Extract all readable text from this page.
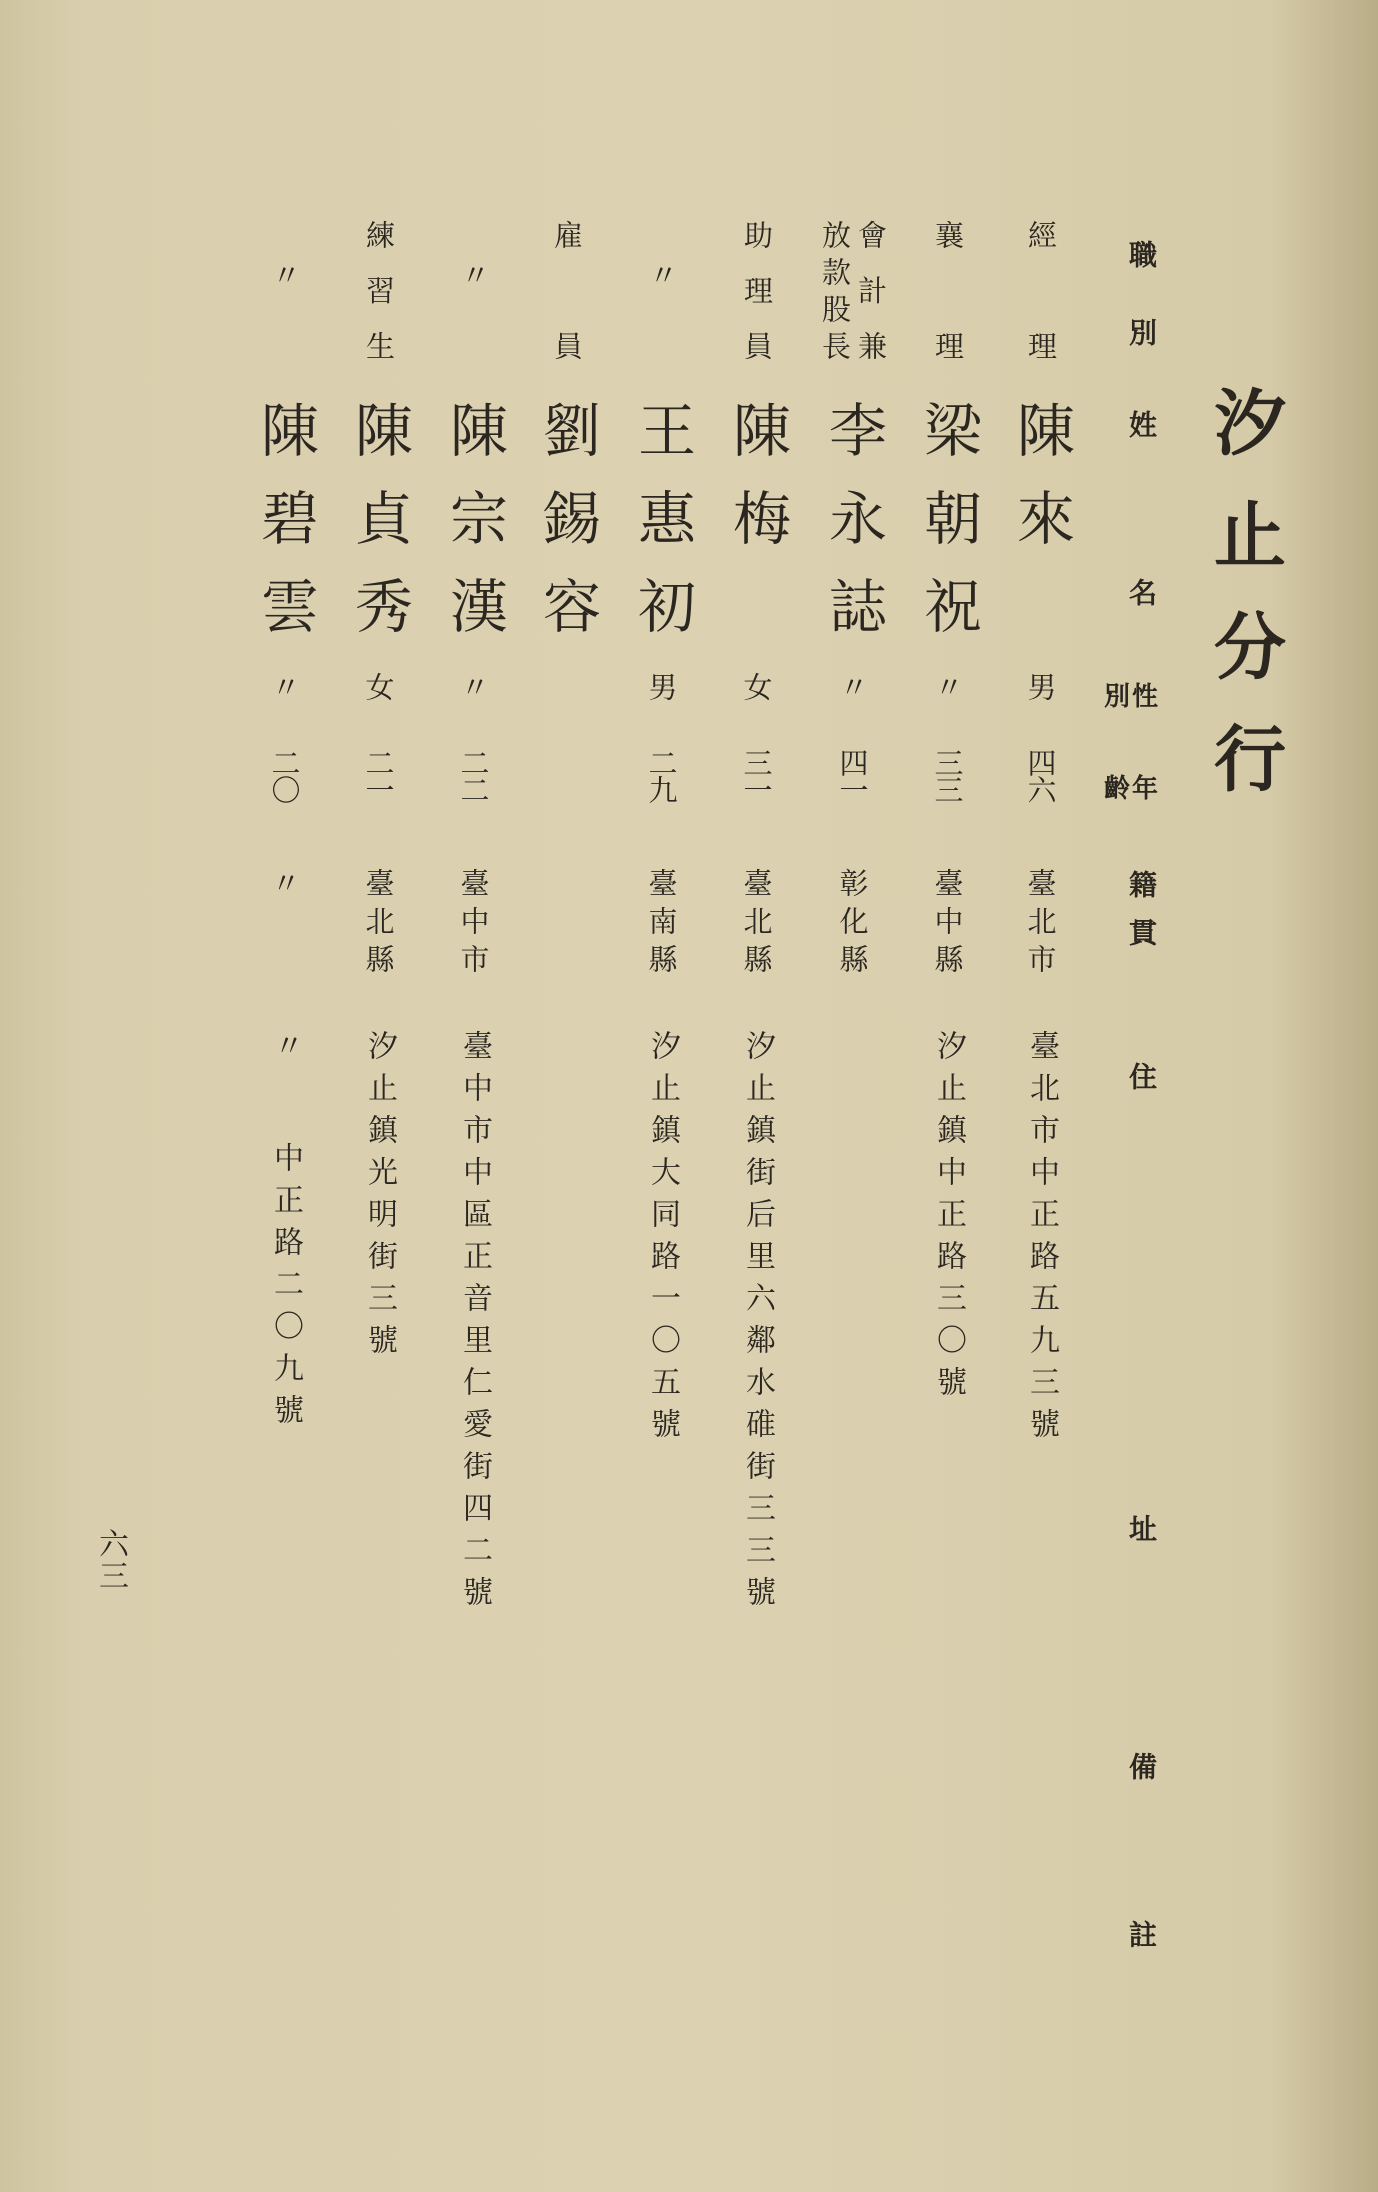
汐止分行
職
別
姓
名
性
別
年
齡
籍貫
住
址
備
註
經理
陳來
男
四六
臺北市
臺北市中正路五九三號
襄理
梁朝祝
〃
三三
臺中縣
汐止鎮中正路三〇號
會計兼
放款股長
李永誌
〃
四一
彰化縣
助理員
陳梅
女
三一
臺北縣
汐止鎮街后里六鄰水碓街三三號
〃
王惠初
男
二九
臺南縣
汐止鎮大同路一〇五號
雇員
劉錫容
〃
陳宗漢
〃
二二
臺中市
臺中市中區正音里仁愛街四二號
練習生
陳貞秀
女
二一
臺北縣
汐止鎮光明街三號
〃
陳碧雲
〃
二〇
〃
〃
中正路二〇九號
六三
